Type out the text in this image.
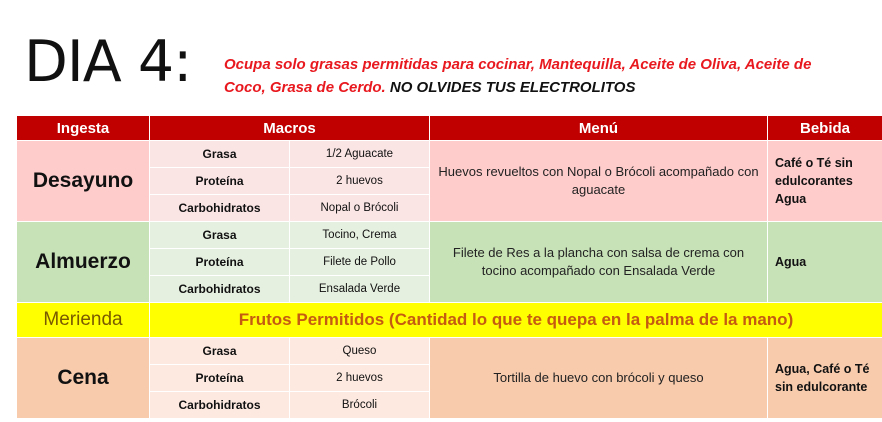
DIA 4: Ocupa solo grasas permitidas para cocinar, Mantequilla, Aceite de Oliva, Aceite de
Coco, Grasa de Cerdo. NO OLVIDES TUS ELECTROLITOS
Ingesta	Macros		Menú	Bebida
Desayuno	Grasa	1/2 Aguacate	Huevos revueltos con Nopal o Brócoli acompañado con aguacate	Café o Té sin edulcorantes Agua
	Proteína	2 huevos		
	Carbohidratos	Nopal o Brócoli		
Almuerzo	Grasa	Tocino, Crema	Filete de Res a la plancha con salsa de crema con tocino acompañado con Ensalada Verde	Agua
	Proteína	Filete de Pollo		
	Carbohidratos	Ensalada Verde		
Merienda	Frutos Permitidos (Cantidad lo que te quepa en la palma de la mano)			
Cena	Grasa	Queso	Tortilla de huevo con brócoli y queso	Agua, Café o Té sin edulcorante
	Proteína	2 huevos		
	Carbohidratos	Brócoli		
